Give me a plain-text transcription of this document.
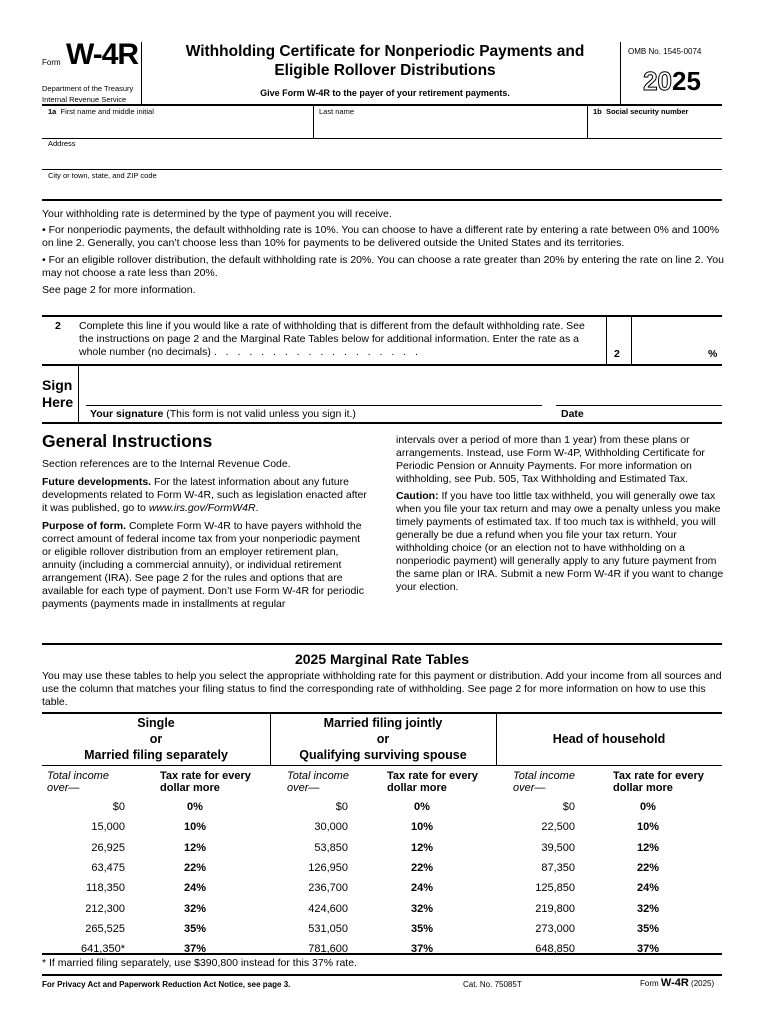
Form W-4R
Department of the Treasury
Internal Revenue Service
Withholding Certificate for Nonperiodic Payments and
Eligible Rollover Distributions
Give Form W-4R to the payer of your retirement payments.
OMB No. 1545-0074
2025
1a First name and middle initial	Last name	1b Social security number
Address
City or town, state, and ZIP code

Your withholding rate is determined by the type of payment you will receive.

• For nonperiodic payments, the default withholding rate is 10%. You can choose to have a different rate by entering a rate between 0% and 100% on line 2. Generally, you can’t choose less than 10% for payments to be delivered outside the United States and its territories.

• For an eligible rollover distribution, the default withholding rate is 20%. You can choose a rate greater than 20% by entering the rate on line 2. You may not choose a rate less than 20%.

See page 2 for more information.

2 Complete this line if you would like a rate of withholding that is different from the default withholding rate. See the instructions on page 2 and the Marginal Rate Tables below for additional information. Enter the rate as a whole number (no decimals) . . . . . . . . . . . . . . . . . .	2	%
Sign
Here
Your signature (This form is not valid unless you sign it.)	Date
General Instructions

Section references are to the Internal Revenue Code.

Future developments. For the latest information about any future developments related to Form W-4R, such as legislation enacted after it was published, go to www.irs.gov/FormW4R.

Purpose of form. Complete Form W-4R to have payers withhold the correct amount of federal income tax from your nonperiodic payment or eligible rollover distribution from an employer retirement plan, annuity (including a commercial annuity), or individual retirement arrangement (IRA). See page 2 for the rules and options that are available for each type of payment. Don’t use Form W-4R for periodic payments (payments made in installments at regular

intervals over a period of more than 1 year) from these plans or arrangements. Instead, use Form W-4P, Withholding Certificate for Periodic Pension or Annuity Payments. For more information on withholding, see Pub. 505, Tax Withholding and Estimated Tax.

Caution: If you have too little tax withheld, you will generally owe tax when you file your tax return and may owe a penalty unless you make timely payments of estimated tax. If too much tax is withheld, you will generally be due a refund when you file your tax return. Your withholding choice (or an election not to have withholding on a nonperiodic payment) will generally apply to any future payment from the same plan or IRA. Submit a new Form W-4R if you want to change your election.

2025 Marginal Rate Tables
You may use these tables to help you select the appropriate withholding rate for this payment or distribution. Add your income from all sources and use the column that matches your filing status to find the corresponding rate of withholding. See page 2 for more information on how to use this table.
Single
or
Married filing separately
Married filing jointly
or
Qualifying surviving spouse
Head of household
Total income
over—
Tax rate for every
dollar more
Total income
over—
Tax rate for every
dollar more
Total income
over—
Tax rate for every
dollar more
$0	0%	$0	0%	$0	0%
15,000	10%	30,000	10%	22,500	10%
26,925	12%	53,850	12%	39,500	12%
63,475	22%	126,950	22%	87,350	22%
118,350	24%	236,700	24%	125,850	24%
212,300	32%	424,600	32%	219,800	32%
265,525	35%	531,050	35%	273,000	35%
641,350*	37%	781,600	37%	648,850	37%
* If married filing separately, use $390,800 instead for this 37% rate.
For Privacy Act and Paperwork Reduction Act Notice, see page 3.	Cat. No. 75085T	Form W-4R (2025)
